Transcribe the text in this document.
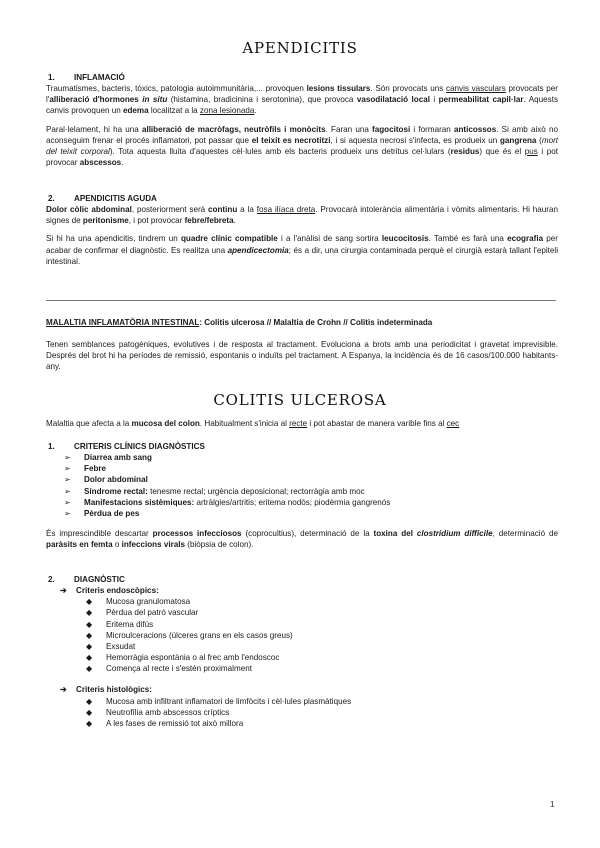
APENDICITIS
1. INFLAMACIÓ

Traumatismes, bacteris, tòxics, patologia autoimmunitària,... provoquen lesions tissulars. Són provocats uns canvis vasculars provocats per l'alliberació d'hormones in situ (histamina, bradicinina i serotonina), que provoca vasodilatació local i permeabilitat capil·lar. Aquests canvis provoquen un edema localitzat a la zona lesionada.

Paral·lelament, hi ha una alliberació de macròfags, neutròfils i monòcits. Faran una fagocitosi i formaran anticossos. Si amb això no aconseguim frenar el procés inflamatori, pot passar que el teixit es necrotitzi, i si aquesta necrosi s'infecta, es produeix un gangrena (mort del teixit corporal). Tota aquesta lluita d'aquestes cèl·lules amb els bacteris produeix uns detritus cel·lulars (residus) que és el pus i pot provocar abscessos.

2. APENDICITIS AGUDA

Dolor còlic abdominal, posteriorment serà continu a la fosa ilíaca dreta. Provocarà intolerància alimentària i vòmits alimentaris. Hi hauran signes de peritonisme, i pot provocar febre/febreta.

Si hi ha una apendicitis, tindrem un quadre clínic compatible i a l'anàlisi de sang sortira leucocitosis. També es farà una ecografia per acabar de confirmar el diagnòstic. Es realitza una apendicectomia; és a dir, una cirurgia contaminada perquè el cirurgià estarà tallant l'epiteli intestinal.

MALALTIA INFLAMATÒRIA INTESTINAL: Colitis ulcerosa // Malaltia de Crohn // Colitis indeterminada

Tenen semblances patogèniques, evolutives i de resposta al tractament. Evoluciona a brots amb una periodicitat i gravetat imprevisible. Després del brot hi ha períodes de remissió, espontanis o induïts pel tractament. A Espanya, la incidència és de 16 casos/100.000 habitants-any.

COLITIS ULCEROSA

Malaltia que afecta a la mucosa del colon. Habitualment s'inicia al recte i pot abastar de manera varible fins al cec

1. CRITERIS CLÍNICS DIAGNÒSTICS
➢ Diarrea amb sang
➢ Febre
➢ Dolor abdominal
➢ Síndrome rectal: tenesme rectal; urgència deposicional; rectorràgia amb moc
➢ Manifestacions sistèmiques: artràlgies/artritis; eritema nodós; piodèrmia gangrenós
➢ Pèrdua de pes

És imprescindible descartar processos infecciosos (coprocultius), determinació de la toxina del clostridium difficile, determinació de paràsits en femta o infeccions virals (biòpsia de colon).

2. DIAGNÒSTIC
➔ Criteris endoscòpics:
◆ Mucosa granulomatosa
◆ Pèrdua del patró vascular
◆ Eritema difús
◆ Microulceracions (úlceres grans en els casos greus)
◆ Exsudat
◆ Hemorràgia espontània o al frec amb l'endoscoc
◆ Comença al recte i s'estén proximalment
➔ Criteris histològics:
◆ Mucosa amb infiltrant inflamatori de limfòcits i cèl·lules plasmàtiques
◆ Neutrofília amb abscessos críptics
◆ A les fases de remissió tot això millora
1
